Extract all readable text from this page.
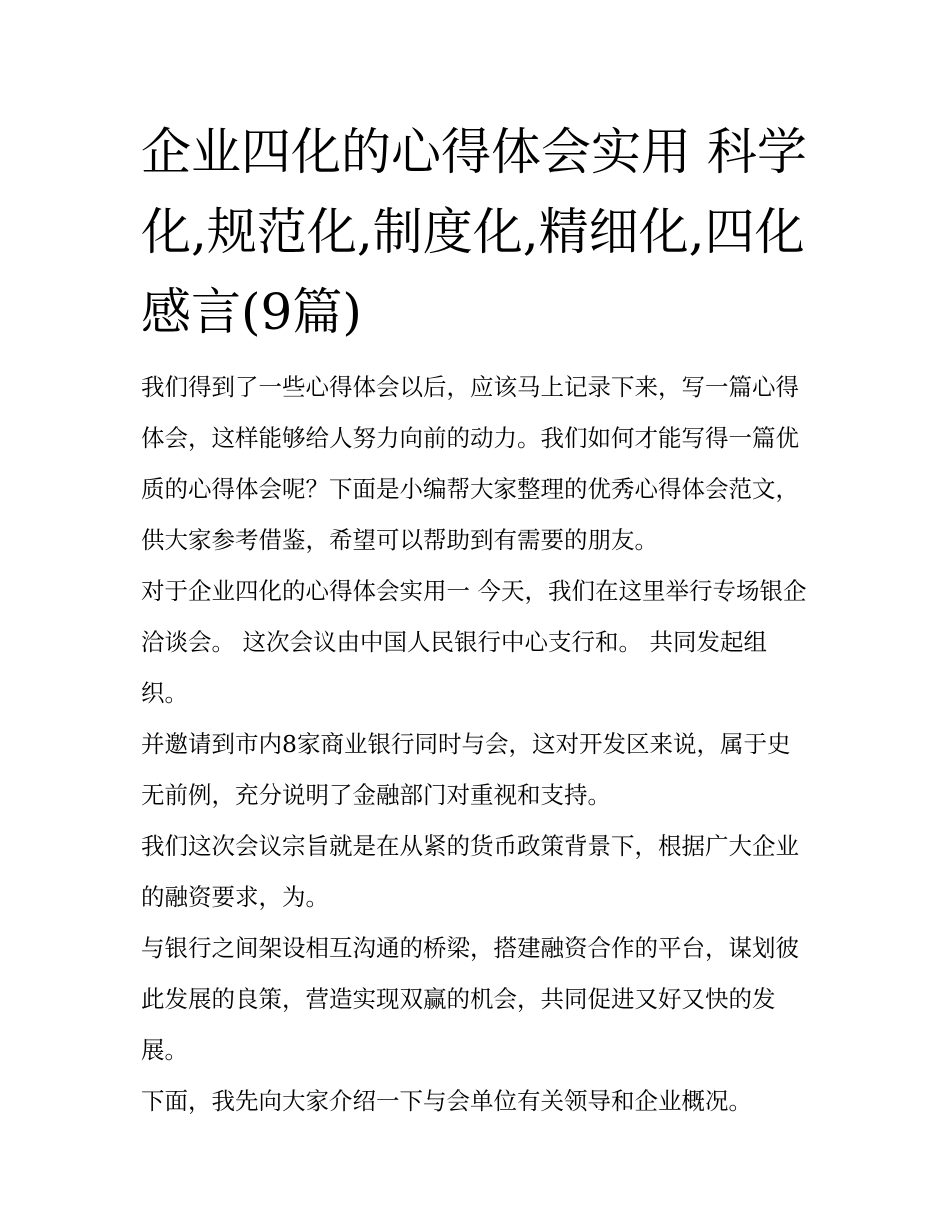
企业四化的心得体会实用 科学化,规范化,制度化,精细化,四化感言(9篇)

我们得到了一些心得体会以后，应该马上记录下来，写一篇心得体会，这样能够给人努力向前的动力。我们如何才能写得一篇优质的心得体会呢？下面是小编帮大家整理的优秀心得体会范文，供大家参考借鉴，希望可以帮助到有需要的朋友。

对于企业四化的心得体会实用一 今天，我们在这里举行专场银企洽谈会。 这次会议由中国人民银行中心支行和。 共同发起组织。

并邀请到市内8家商业银行同时与会，这对开发区来说，属于史无前例，充分说明了金融部门对重视和支持。

我们这次会议宗旨就是在从紧的货币政策背景下，根据广大企业的融资要求，为。

与银行之间架设相互沟通的桥梁，搭建融资合作的平台，谋划彼此发展的良策，营造实现双赢的机会，共同促进又好又快的发展。

下面，我先向大家介绍一下与会单位有关领导和企业概况。
